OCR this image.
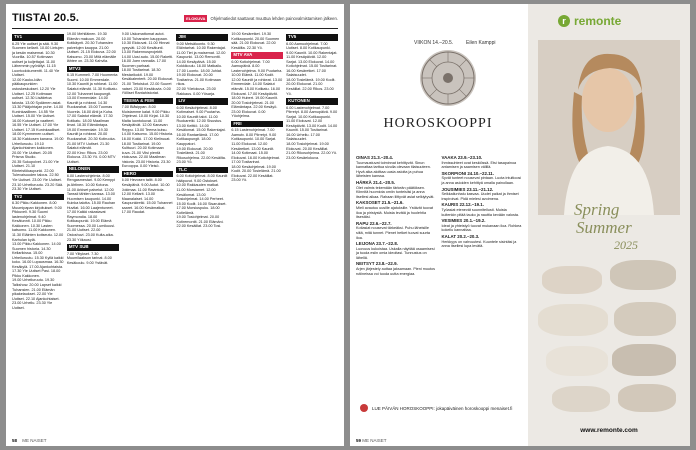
TIISTAI 20.5.	ELOKUVA	Ohjelmatiedot saattavat muuttua lehden painovalmistamisen jälkeen.
TV1
6.25 Yle uutiset ja sää. 9.30 Suomen kellarit. 10.00 Lintujen ja kesän maisemat. 10.30 Vuorilla. 10.57 Kotimaan uutiset ja kuljettajat. 11.00 Lähemmin pyöräilyt. 11.15 Luontodokumentti. 11.40 Yle Uutiset.
12.00 Kauko-Idän pääkaupunkien ostoskeskukset. 12.20 Yle Uutiset. 12.25 Kotimaan uutiset. 12.30 Lisätietoa talosta. 13.00 Sydämen asiat. 13.30 Pääjohtajan puhe. 14.00 Kuninkaallinen. 14.55 Yle Uutiset. 15.00 Yle Uutiset.
16.00 Kutoset ja vaatteet. 16.55 Yle Uutiset. 17.00 Yle Uutiset. 17.15 Kuninkaalliset. 18.00 Kymmenen uutiset. 18.30 Kakkosen kanava. 19.00 Urheiluruutu. 19.10 Ajankohtainen kakkonen. 20.00 Yle Uutiset. 20.05 Prisma Studio.
20.35 Sukupolvet. 21.00 Yle Uutiset. 21.10 Kiinteistökaupunki. 22.00 Tulevaisuuden talous. 22.50 Yle Uutiset. 23.00 Yle Uutiset. 23.10 Urheiluruutu. 23.20 Sää. 23.30 Yle Uutiset.
TV2
6.30 Pikku Kakkonen. 8.00 Muumipapan kirjoitukset. 9.00 Pikkuveli. 9.30 Suomi lastenohjelmat. 9.40 Kesätunnit. 10.00 Pikku Kakkonen. 10.30 Lasten katsomo. 11.00 Kakkonen. 11.30 Eläinten kotiseutu. 12.00 Karhulan kylä.
13.00 Pikku Kakkonen. 14.00 Suomen historia. 14.30 Kellarikissa. 15.00 Urheiluruutu. 15.30 Kyllä kaikki koko. 16.00 Lupausmaa. 16.30 Kesäkylä. 17.00 Ajankohtaista. 17.30 Yle Uutiset Pasi. 18.00 Pikku Kakkonen.
19.00 Urheiluruutu. 19.30 Talkshow. 20.00 Lapset kaikki Tuhansien. 21.00 Elämän pikakelaukset. 22.00 Yle Uutiset. 22.10 Ajankohtaiset. 23.00 Urheilu. 23.30 Yle Uutiset.
19.00 Mehiläinen. 19.30 Elämän makuun. 20.00 Kotikäynti. 20.30 Tuhansien palvelujen kauppa. 21.00 Uutiset. 21.15 Elokuva. 22.00 Katsomo. 23.00 Mitä elämälle lähtee on. 23.30 Kahvila.
MTV3
6.15 Kummeli. 7.00 Huomenta Suomi. 10.00 Emmerdale. 10.30 Kauniit ja rohkeat. 11.00 Salatut elämät. 11.30 Kotikatu. 12.00 Tuhannet kaupungit. 13.00 Emmerdale. 14.00 Kauniit ja rohkeat. 14.30 Ruokarahat. 15.00 Tuomas Vuorela. 16.00 Ahti ja Kuha.
17.00 Salatut elämät. 17.30 Kotikatu. 18.00 Maailman ilmat. 18.30 Elämäntapa. 19.00 Emmerdale. 19.30 Kauniit ja rohkeat. 20.00 Ruokarahat. 20.30 Kotiruoka. 21.00 MTV Uutiset. 21.30 Salatut elämät.
22.00 Kino: Rikos. 23.00 Elokuva. 23.30 Yö. 0.00 MTV Uutiset.
NELONEN
6.00 Lastenohjelmia. 8.00 Rengasmestari. 9.00 Kemppi ja Ahtinen. 10.00 Kotona. 11.00 Arkiset palvelut. 12.00 Tanssii tähtien kanssa. 13.00 Huomisen kaupunki. 14.00 Kuinka talotta. 15.00 Rauhan Huvilat. 16.00 Laajentuneet.
17.00 Kaikki rakastavat Raymondia. 18.00 Kotikaupunki. 19.00 Elämä Suomessa. 20.00 Lumikuusi. 21.00 Uutiset. 22.00 Ostoshuvi. 23.00 Kulta-aika. 23.30 Yökausi.
MTV SUB
7.00 Ylitykset. 7.30 Muumilaakson tarinat. 8.00 Kesäkoulu. 9.00 Ystävät.
9.00 Uskomattomat autot. 10.00 Tuhansien kauppaan. 10.30 Elokuvat. 11.00 Hinnat pysyvät. 12.00 Kesätunti. 13.00 Rakennusprojektit. 14.00 Uusi auto. 15.00 Raketti. 16.00 Joen rannalla. 17.00 Suomen parhaat.
18.00 Tositarinat. 18.30 Mestarikokit. 19.00 Kesäkalenterit. 20.00 Elokuvat. 21.00 Tietoiskut. 22.00 Suuret naiset. 23.00 Kesäkuvia. 0.00 Yölliset Rantahistoriat.
TEEMA & FEM
7.00 Blåsippan. 8.00 Muistamme kalat. 9.00 Pikku Ohjelmat. 10.00 Kirjat. 10.30 Malta luontokuvat. 11.00 Kesäpäivät. 12.00 Kanavan Reppu. 13.00 Teema kutsu. 14.00 Katsomo. 15.00 Historia. 16.00 Kokki. 17.00 Kieliruuat.
18.00 Tositarinat. 19.00 Kulttuuri. 20.00 Kotimaan kuva. 21.00 Viisi pientä elokuvaa. 22.00 Maailman historia. 23.00 Historia. 23.30 Eurooppa. 0.00 Yleisö.
HERO
6.00 Hevosen tallit. 8.00 Kesäpäivä. 9.00 Autot. 10.00 Jokimaa. 11.00 Ravintola. 12.00 Kellarit. 13.00 Maanalaiset. 14.00 Kaupunkiretki. 15.00 Tuhannet saaret. 16.00 Kesämatkat. 17.00 Raudat.
JIM
9.00 Metsäluonto. 9.30 Eläintarhat. 10.00 Rakentajat. 11.00 Tiet ja maisemat. 12.00 Kaupunki. 13.00 Remontti. 14.00 Kesäpäivä. 15.00 Kokkikoulu. 16.00 Matkailu. 17.00 Luonto. 18.00 Juhlat. 19.00 Elokuvat. 20.00 Tositarina. 21.00 Kotimaan rikos.
22.00 Yöelokuva. 23.00 Rakkaus. 0.00 Yösarja.
LIV
6.00 Kesäohjelmat. 8.00 Kotimaiset. 9.00 Puutarha. 10.00 Kauniit talot. 11.00 Ruokaretki. 12.00 Sisustus. 13.00 Keittiö. 14.00 Kesälomat. 15.00 Rakentajat. 16.00 Rantaelämä. 17.00 Kotikaupungit. 18.00 Kauppatori.
19.00 Elokuvat. 20.00 Tosielämä. 21.00 Rikosohjelma. 22.00 Kesäilta. 23.00 Yö.
TLC
6.00 Kotiohjelmat. 8.00 Kauniit hääpuvut. 9.00 Ostokset. 10.00 Rakkauden matkat. 11.00 Morsiamet. 12.00 Kesälomat. 13.00 Tosiohjelmat. 14.00 Perheet. 15.00 Kodit. 16.00 Sisarukset. 17.00 Morsiuspuku. 18.00 Kotielämä.
19.00 Tosiohjelmat. 20.00 Kotiremontit. 21.00 Elämäni. 22.00 Kesäillat. 23.00 Tosi.
19.00 Kesäretket. 19.30 Kotikaupunki. 20.00 Suomen sää. 21.00 Elokuvat. 22.00 Kesäilta. 22.30 Yö.
MTV AVA
6.00 Kotiohjelmat. 7.00 Aamupäivä. 8.00 Lastenohjelma. 9.00 Puutarha. 10.00 Elämä. 11.00 Kodit. 12.00 Kauniit ja rohkeat. 13.00 Emmerdale. 14.00 Salatut elämät. 15.00 Kotikatu. 16.00 Elokuvat. 17.00 Kesäpäivät.
18.00 Hubert. 19.00 Kauniit. 20.00 Tosiohjelmat. 21.00 Elämäntapa. 22.00 Kesäyö. 23.00 Elokuvat. 0.00 Yöohjelma.
FRII
6.15 Lastenohjelmat. 7.00 Aamutv. 8.00 Piirretyt. 9.00 Kotikaupunki. 10.00 Sarjat. 11.00 Elokuvat. 12.00 Kesäretket. 13.00 Kauniit. 14.00 Kotimaat. 15.00 Elokuvat. 16.00 Kotiohjelmat. 17.00 Tositarinat.
18.00 Kesäohjelmat. 19.00 Kodit. 20.00 Tosielämä. 21.00 Elokuvat. 22.00 Kesäillat. 23.00 Yö.
TV5
6.00 Aamuohjelmat. 7.00 Uutiset. 8.00 Kotikaupunki. 9.00 Kauniit. 10.00 Rakentajat. 11.00 Kesäpäivät. 12.00 Sarjat. 13.00 Elokuvat. 14.00 Kotiohjelmat. 15.00 Tositarinat. 16.00 Kesäretket. 17.00 Salaisuudet.
18.00 Tosielämä. 19.00 Kodit. 20.00 Elokuvat. 21.00 Kesäillat. 22.00 Rikos. 23.00 Yö.
KUTONEN
6.00 Lastenohjelmat. 7.00 Piirretyt. 8.00 Aamupäivä. 9.00 Sarjat. 10.00 Kotikaupunki. 11.00 Elokuvat. 12.00 Kesäpäivät. 13.00 Kodit. 14.00 Kauniit. 15.00 Tositarinat. 16.00 Urheilu. 17.00 Salaisuudet.
18.00 Tosiohjelmat. 19.00 Elokuvat. 20.00 Kesäillat. 21.00 Rikosohjelma. 22.00 Yö. 23.00 Kesäelokuva.
58 ME NAISET
VIIKON 14.–20.5.	Eilen Kamppi
HOROSKOOPPI
OINAS 21.3.–20.4.
Tuumaustuvat toiminnat kehittyvät. Sinun kannattaa tarttua sivulla olevaan tilaisuuteen. Hyvä aika aloittaa uusia asioita ja puhua läheisten kanssa.
HÄRKÄ 21.4.–20.5.
Olet valmis tekemään tärkeän päätöksen. Kiinnitä huomiota omiin tunteisiisi ja anna itsellesi aikaa. Rahaan liittyvät asiat selkiytyvät.
KAKSOSET 21.5.–21.6.
Mieli avautuu uusille ajatuksille. Ystävät tuovat iloa ja piristystä. Muista levätä ja huolehtia itsestäsi.
RAPU 22.6.–22.7.
Kotiasiat nousevat tärkeäksi. Puhu läheisille siitä, mitä tunnet. Pienet hetket tuovat suurta iloa.
LEIJONA 23.7.–22.8.
Luovuus kukoistaa. Uskalla näyttää osaamisesi ja tuoda esiin omia ideoitasi. Tunnustus on lähellä.
NEITSYT 23.8.–22.9.
Arjen järjestely auttaa jaksamaan. Pieni muutos rutiineissa voi tuoda uutta energiaa.
VAAKA 23.9.–23.10.
Ihmissuhteet ovat keskiössä. Etsi tasapainoa antamisen ja saamisen välillä.
SKORPIONI 24.10.–22.11.
Syvät tunteet nousevat pintaan. Luota intuitioosi ja anna asioiden kehittyä omalla painollaan.
JOUSIMIES 23.11.–21.12.
Seikkailunhalu kasvaa. Uudet paikat ja ihmiset inspiroivat. Pidä mielesi avoimena.
KAURIS 22.12.–19.1.
Työasiat etenevät suunnitellusti. Muista kuitenkin pitää tauko ja nauttia kevään valosta.
VESIMIES 20.1.–19.2.
Ideat ja yhteistyö tuovat mukanaan iloa. Rohkea kokeilu kannattaa.
KALAT 20.2.–20.3.
Herkkyys on vahvuutesi. Kuuntele sisintäsi ja anna itsellesi lupa levätä.
LUE PÄIVÄN HOROSKOOPPI: jokapäiväinen horoskooppi menaiset.fi
59 ME NAISET
r remonte
Spring
Summer
2025
www.remonte.com
